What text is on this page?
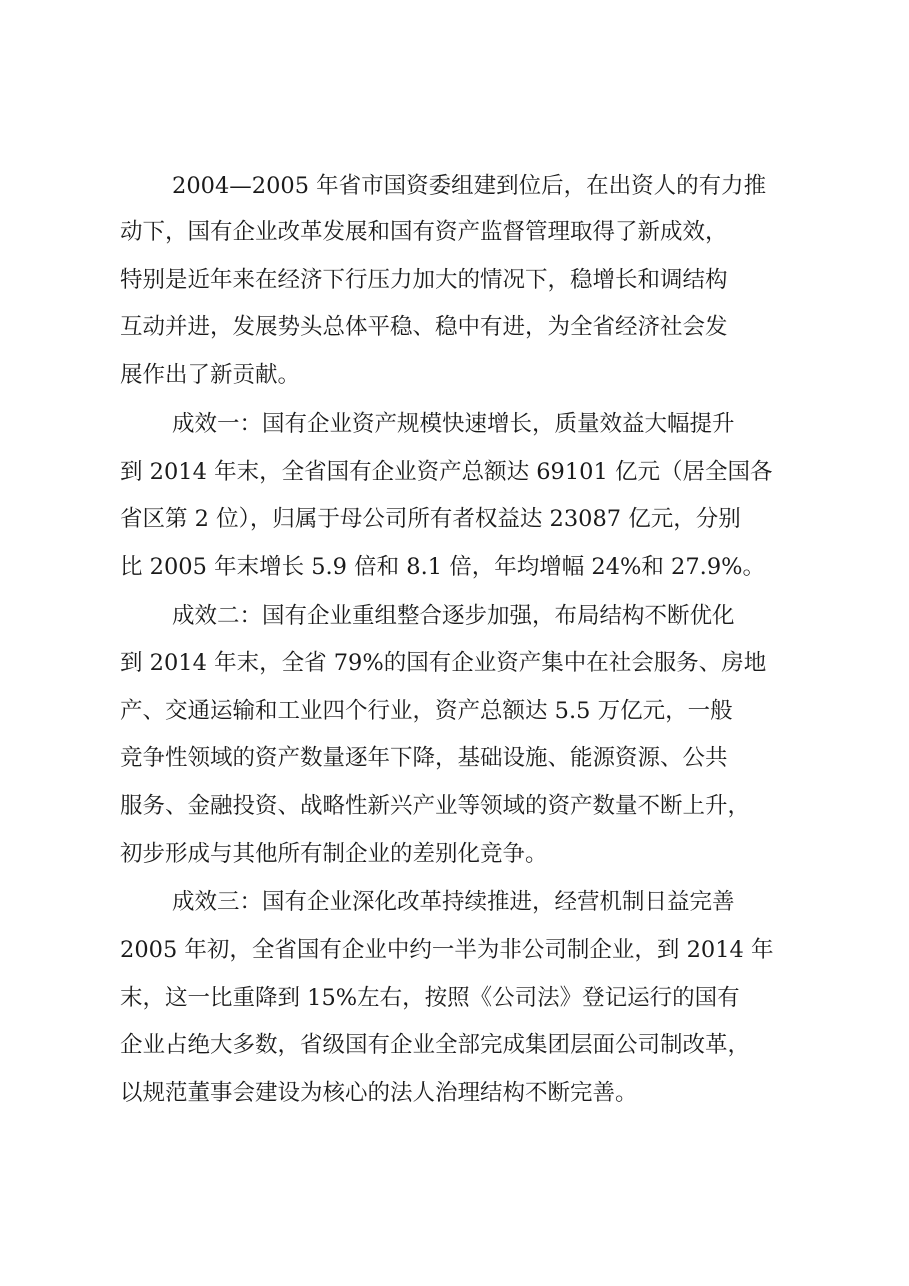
2004—2005 年省市国资委组建到位后，在出资人的有力推

动下，国有企业改革发展和国有资产监督管理取得了新成效，

特别是近年来在经济下行压力加大的情况下，稳增长和调结构

互动并进，发展势头总体平稳、稳中有进，为全省经济社会发

展作出了新贡献。

成效一：国有企业资产规模快速增长，质量效益大幅提升

到 2014 年末，全省国有企业资产总额达 69101 亿元（居全国各

省区第 2 位），归属于母公司所有者权益达 23087 亿元，分别

比 2005 年末增长 5.9 倍和 8.1 倍，年均增幅 24%和 27.9%。

成效二：国有企业重组整合逐步加强，布局结构不断优化

到 2014 年末，全省 79%的国有企业资产集中在社会服务、房地

产、交通运输和工业四个行业，资产总额达 5.5 万亿元，一般

竞争性领域的资产数量逐年下降，基础设施、能源资源、公共

服务、金融投资、战略性新兴产业等领域的资产数量不断上升，

初步形成与其他所有制企业的差别化竞争。

成效三：国有企业深化改革持续推进，经营机制日益完善

2005 年初，全省国有企业中约一半为非公司制企业，到 2014 年

末，这一比重降到 15%左右，按照《公司法》登记运行的国有

企业占绝大多数，省级国有企业全部完成集团层面公司制改革，

以规范董事会建设为核心的法人治理结构不断完善。
